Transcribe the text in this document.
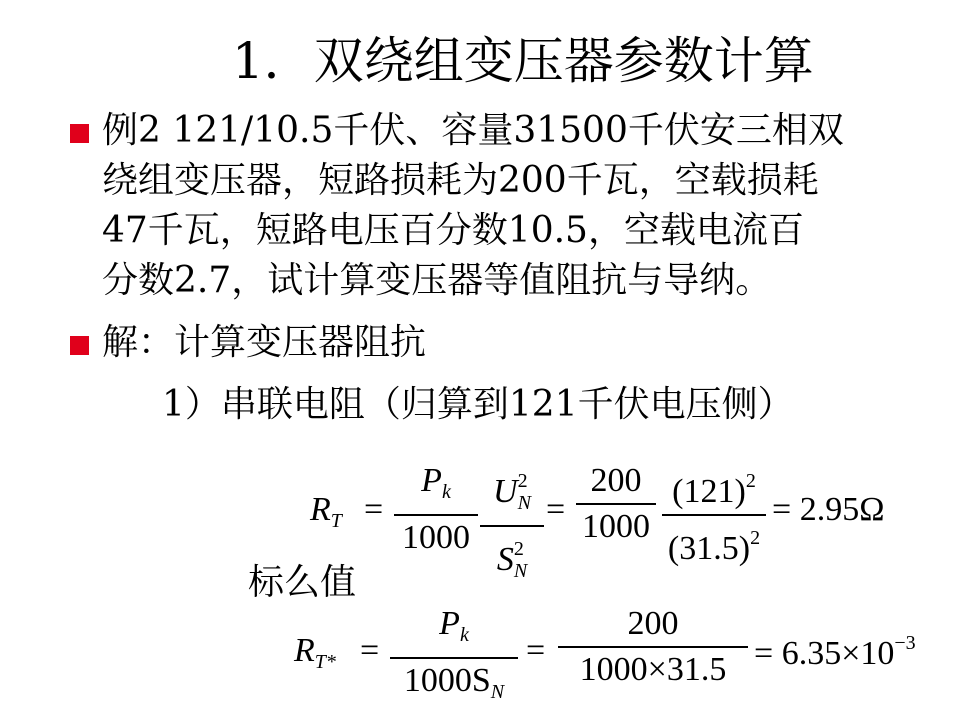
1．双绕组变压器参数计算
例2 121/10.5千伏、容量31500千伏安三相双
绕组变压器，短路损耗为200千瓦，空载损耗
47千瓦，短路电压百分数10.5，空载电流百
分数2.7，试计算变压器等值阻抗与导纳。
解：计算变压器阻抗
1）串联电阻（归算到121千伏电压侧）
$R_T$ =
$P_k$
1000
$U^2_N$
$S^2_N$
=
200
1000
$(121)^2$
$(31.5)^2$
= 2.95Ω
标么值
$R_{T*}$ =
$P_k$
$1000S_N$
=
200
$1000\times 31.5 = 6.35\times 10^{-3}$
